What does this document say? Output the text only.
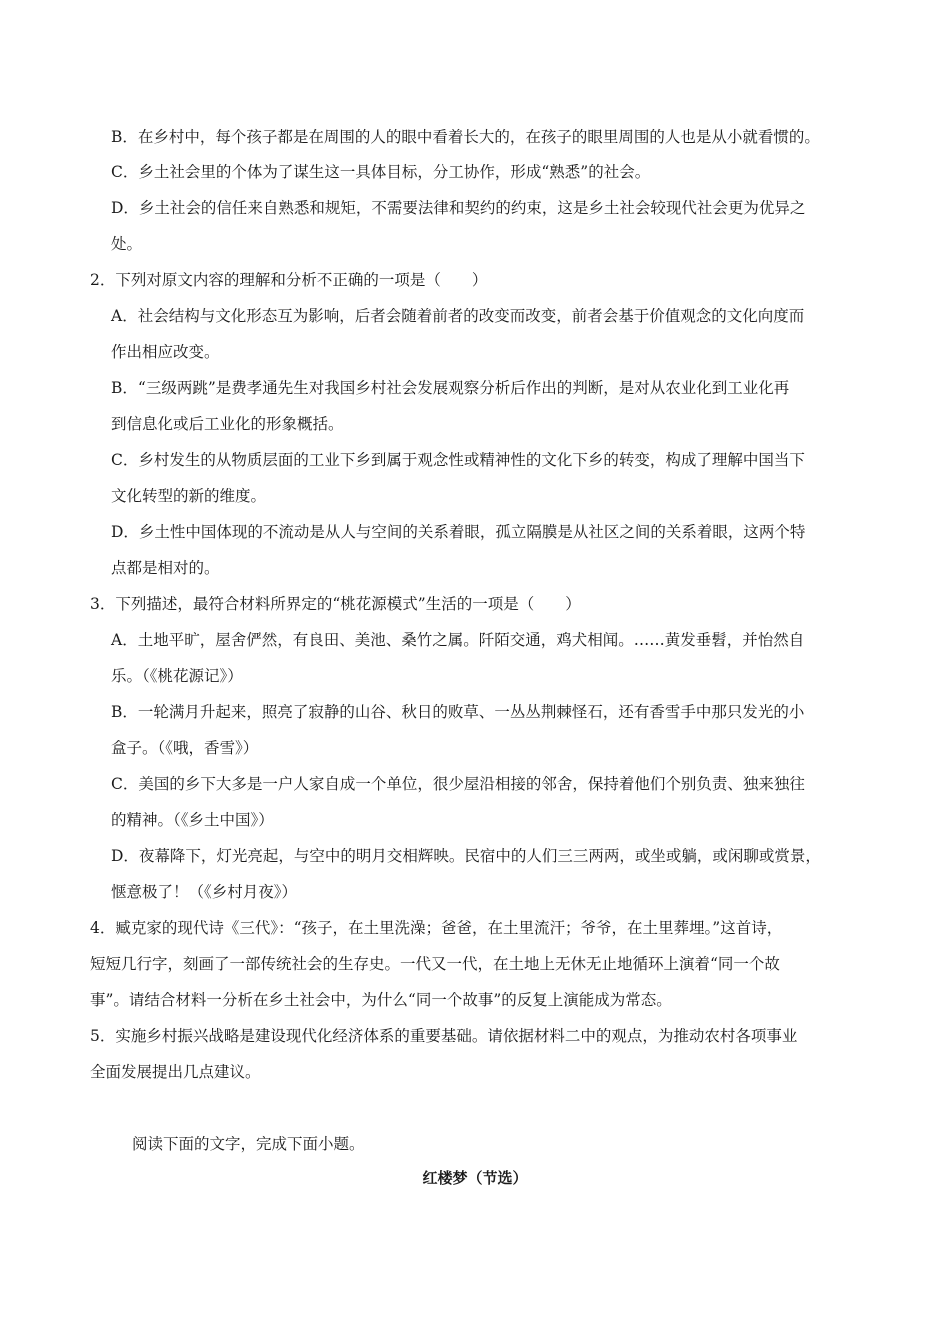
B．在乡村中，每个孩子都是在周围的人的眼中看着长大的，在孩子的眼里周围的人也是从小就看惯的。
C．乡土社会里的个体为了谋生这一具体目标，分工协作，形成“熟悉”的社会。
D．乡土社会的信任来自熟悉和规矩，不需要法律和契约的约束，这是乡土社会较现代社会更为优异之
处。
2．下列对原文内容的理解和分析不正确的一项是（　　）
A．社会结构与文化形态互为影响，后者会随着前者的改变而改变，前者会基于价值观念的文化向度而
作出相应改变。
B．“三级两跳”是费孝通先生对我国乡村社会发展观察分析后作出的判断，是对从农业化到工业化再
到信息化或后工业化的形象概括。
C．乡村发生的从物质层面的工业下乡到属于观念性或精神性的文化下乡的转变，构成了理解中国当下
文化转型的新的维度。
D．乡土性中国体现的不流动是从人与空间的关系着眼，孤立隔膜是从社区之间的关系着眼，这两个特
点都是相对的。
3．下列描述，最符合材料所界定的“桃花源模式”生活的一项是（　　）
A．土地平旷，屋舍俨然，有良田、美池、桑竹之属。阡陌交通，鸡犬相闻。……黄发垂髫，并怡然自
乐。（《桃花源记》）
B．一轮满月升起来，照亮了寂静的山谷、秋日的败草、一丛丛荆棘怪石，还有香雪手中那只发光的小
盒子。（《哦，香雪》）
C．美国的乡下大多是一户人家自成一个单位，很少屋沿相接的邻舍，保持着他们个别负责、独来独往
的精神。（《乡土中国》）
D．夜幕降下，灯光亮起，与空中的明月交相辉映。民宿中的人们三三两两，或坐或躺，或闲聊或赏景，
惬意极了！（《乡村月夜》）
4．臧克家的现代诗《三代》：“孩子，在土里洗澡；爸爸，在土里流汗；爷爷，在土里葬埋。”这首诗，
短短几行字，刻画了一部传统社会的生存史。一代又一代，在土地上无休无止地循环上演着“同一个故
事”。请结合材料一分析在乡土社会中，为什么“同一个故事”的反复上演能成为常态。
5．实施乡村振兴战略是建设现代化经济体系的重要基础。请依据材料二中的观点，为推动农村各项事业
全面发展提出几点建议。
阅读下面的文字，完成下面小题。
红楼梦（节选）
